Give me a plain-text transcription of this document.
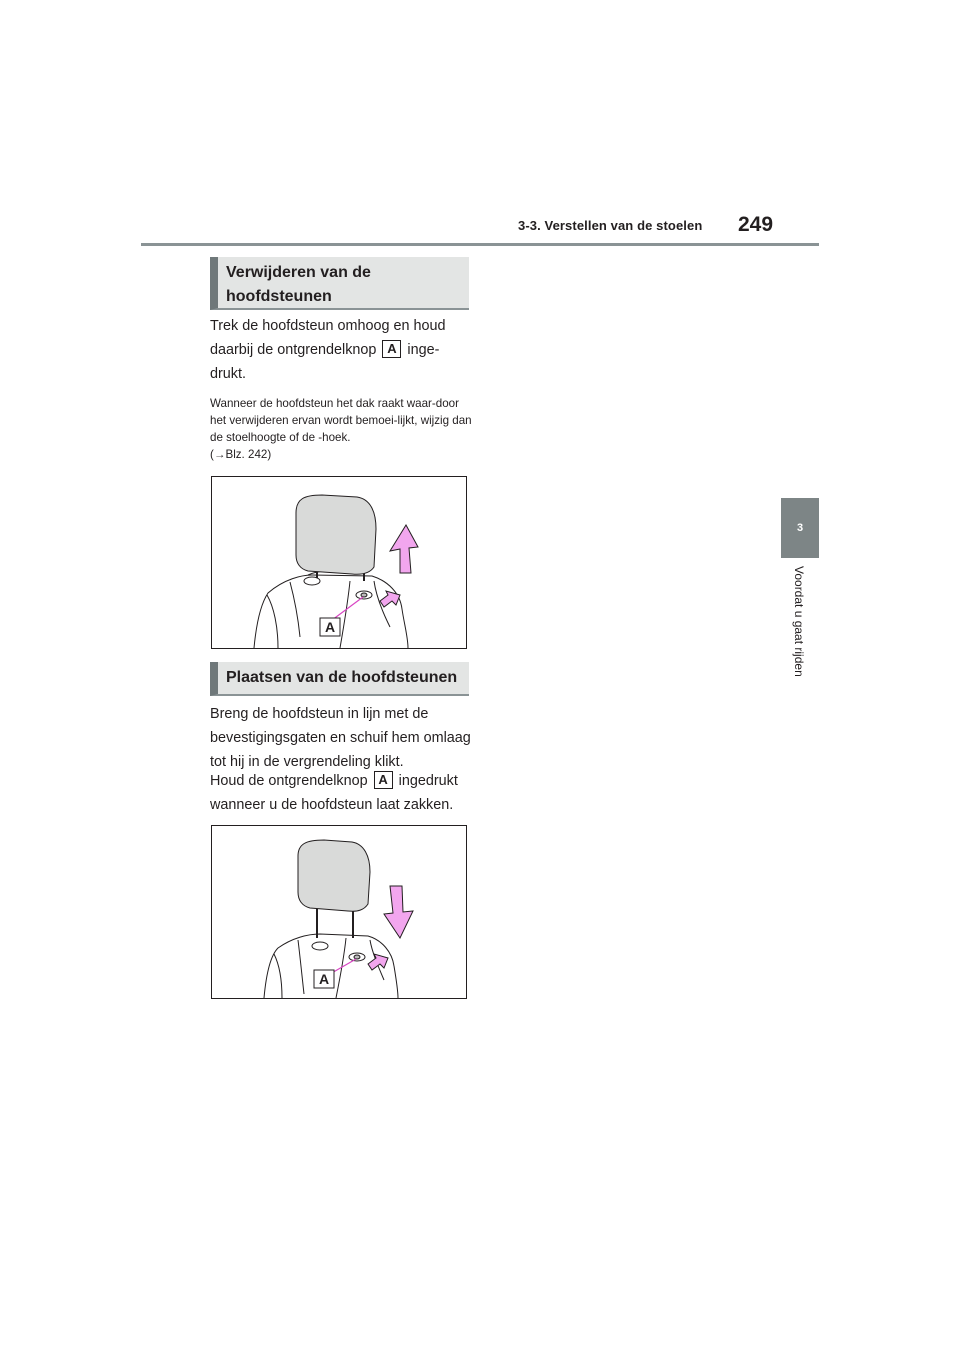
3-3. Verstellen van de stoelen 249
3
Voordat u gaat rijden
Verwijderen van de hoofdsteunen

Trek de hoofdsteun omhoog en houd daarbij de ontgrendelknop A inge-drukt.

Wanneer de hoofdsteun het dak raakt waar-door het verwijderen ervan wordt bemoei-lijkt, wijzig dan de stoelhoogte of de -hoek.
(→Blz. 242)

A
Plaatsen van de hoofdsteunen

Breng de hoofdsteun in lijn met de bevestigingsgaten en schuif hem omlaag tot hij in de vergrendeling klikt.

Houd de ontgrendelknop A ingedrukt wanneer u de hoofdsteun laat zakken.

A
